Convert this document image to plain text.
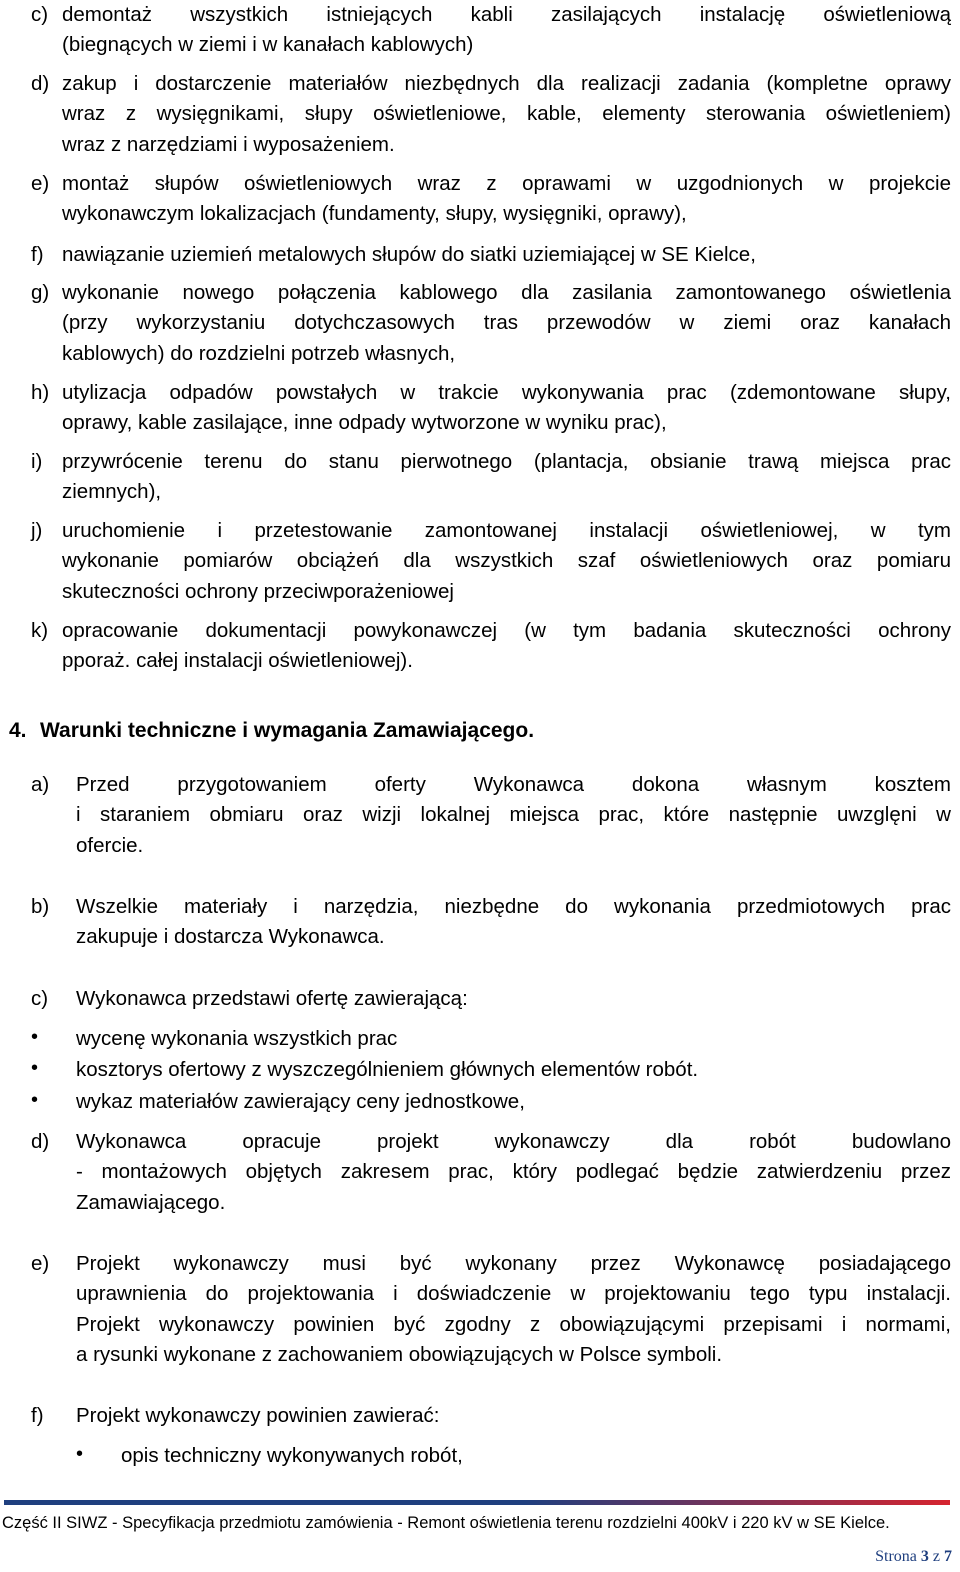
c) demontaż wszystkich istniejących kabli zasilających instalację oświetleniową
(biegnących w ziemi i w kanałach kablowych)
d) zakup i dostarczenie materiałów niezbędnych dla realizacji zadania (kompletne oprawy
wraz z wysięgnikami, słupy oświetleniowe, kable, elementy sterowania oświetleniem)
wraz z narzędziami i wyposażeniem.
e) montaż słupów oświetleniowych wraz z oprawami w uzgodnionych w projekcie
wykonawczym lokalizacjach (fundamenty, słupy, wysięgniki, oprawy),
f) nawiązanie uziemień metalowych słupów do siatki uziemiającej w SE Kielce,
g) wykonanie nowego połączenia kablowego dla zasilania zamontowanego oświetlenia
(przy wykorzystaniu dotychczasowych tras przewodów w ziemi oraz kanałach
kablowych) do rozdzielni potrzeb własnych,
h) utylizacja odpadów powstałych w trakcie wykonywania prac (zdemontowane słupy,
oprawy, kable zasilające, inne odpady wytworzone w wyniku prac),
i) przywrócenie terenu do stanu pierwotnego (plantacja, obsianie trawą miejsca prac
ziemnych),
j) uruchomienie i przetestowanie zamontowanej instalacji oświetleniowej, w tym
wykonanie pomiarów obciążeń dla wszystkich szaf oświetleniowych oraz pomiaru
skuteczności ochrony przeciwporażeniowej
k) opracowanie dokumentacji powykonawczej (w tym badania skuteczności ochrony
pporaż. całej instalacji oświetleniowej).
4. Warunki techniczne i wymagania Zamawiającego.
a) Przed przygotowaniem oferty Wykonawca dokona własnym kosztem
i staraniem obmiaru oraz wizji lokalnej miejsca prac, które następnie uwzglęni w
ofercie.
b) Wszelkie materiały i narzędzia, niezbędne do wykonania przedmiotowych prac
zakupuje i dostarcza Wykonawca.
c) Wykonawca przedstawi ofertę zawierającą:
d) Wykonawca opracuje projekt wykonawczy dla robót budowlano
- montażowych objętych zakresem prac, który podlegać będzie zatwierdzeniu przez
Zamawiającego.
e) Projekt wykonawczy musi być wykonany przez Wykonawcę posiadającego
uprawnienia do projektowania i doświadczenie w projektowaniu tego typu instalacji.
Projekt wykonawczy powinien być zgodny z obowiązującymi przepisami i normami,
a rysunki wykonane z zachowaniem obowiązujących w Polsce symboli.
f) Projekt wykonawczy powinien zawierać:
• wycenę wykonania wszystkich prac
• kosztorys ofertowy z wyszczególnieniem głównych elementów robót.
• wykaz materiałów zawierający ceny jednostkowe,
• opis techniczny wykonywanych robót,
Część II SIWZ - Specyfikacja przedmiotu zamówienia - Remont oświetlenia terenu rozdzielni 400kV i 220 kV w SE Kielce.
Strona 3 z 7
